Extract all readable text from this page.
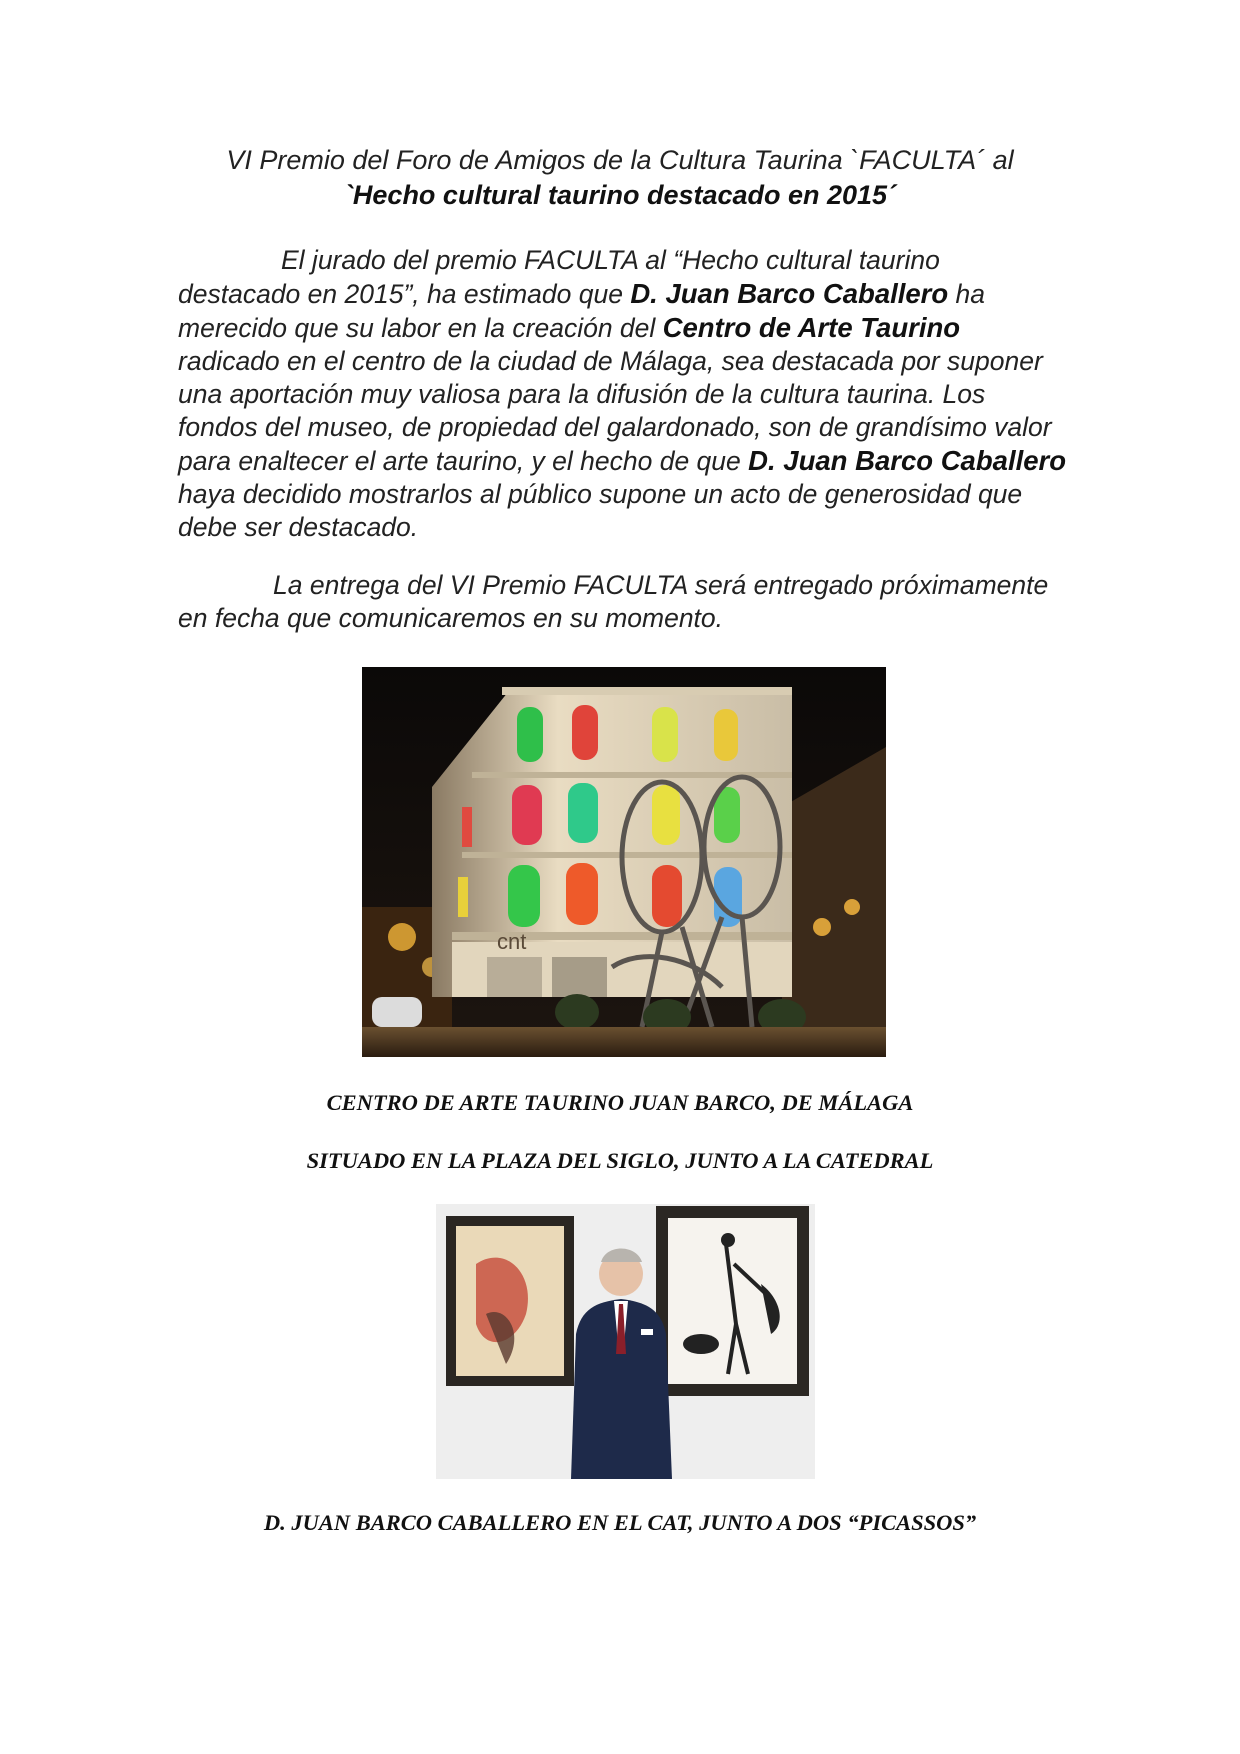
VI Premio del Foro de Amigos de la Cultura Taurina `FACULTA´ al
`Hecho cultural taurino destacado en 2015´
El jurado del premio FACULTA al “Hecho cultural taurino destacado en 2015”, ha estimado que D. Juan Barco Caballero ha merecido que su labor en la creación del Centro de Arte Taurino radicado en el centro de la ciudad de Málaga, sea destacada por suponer una aportación muy valiosa para la difusión de la cultura taurina. Los fondos del museo, de propiedad del galardonado, son de grandísimo valor para enaltecer el arte taurino, y el hecho de que D. Juan Barco Caballero haya decidido mostrarlos al público supone un acto de generosidad que debe ser destacado.
La entrega del VI Premio FACULTA será entregado próximamente en fecha que comunicaremos en su momento.
cnt
CENTRO DE ARTE TAURINO JUAN BARCO, DE MÁLAGA
SITUADO EN LA PLAZA DEL SIGLO, JUNTO A LA CATEDRAL
D. JUAN BARCO CABALLERO EN EL CAT, JUNTO A DOS “PICASSOS”
